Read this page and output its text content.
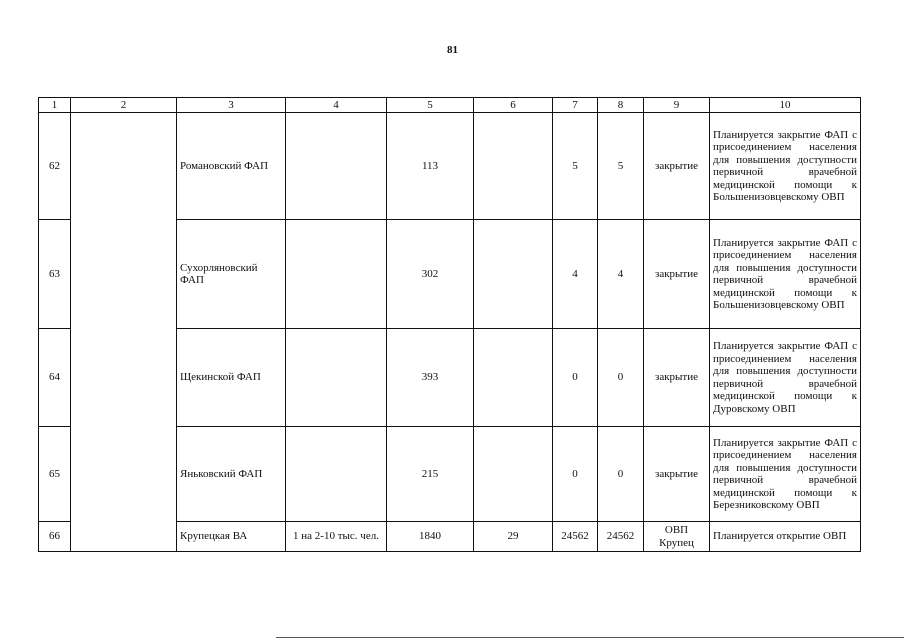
81
1	2	3	4	5	6	7	8	9	10
62		Романовский ФАП		113		5	5	закрытие	Планируется закрытие ФАП с присоединением населения для повышения доступности первичной врачебной медицинской помощи к Большенизовцевскому ОВП

63		Сухорляновский ФАП		302		4	4	закрытие	Планируется закрытие ФАП с присоединением населения для повышения доступности первичной врачебной медицинской помощи к Большенизовцевскому ОВП

64		Щекинской ФАП		393		0	0	закрытие	Планируется закрытие ФАП с присоединением населения для повышения доступности первичной врачебной медицинской помощи к Дуровскому ОВП

65		Яньковский ФАП		215		0	0	закрытие	Планируется закрытие ФАП с присоединением населения для повышения доступности первичной врачебной медицинской помощи к Березниковскому ОВП

66		Крупецкая ВА	1 на 2-10 тыс. чел.	1840	29	24562	24562	ОВП Крупец	Планируется открытие ОВП
